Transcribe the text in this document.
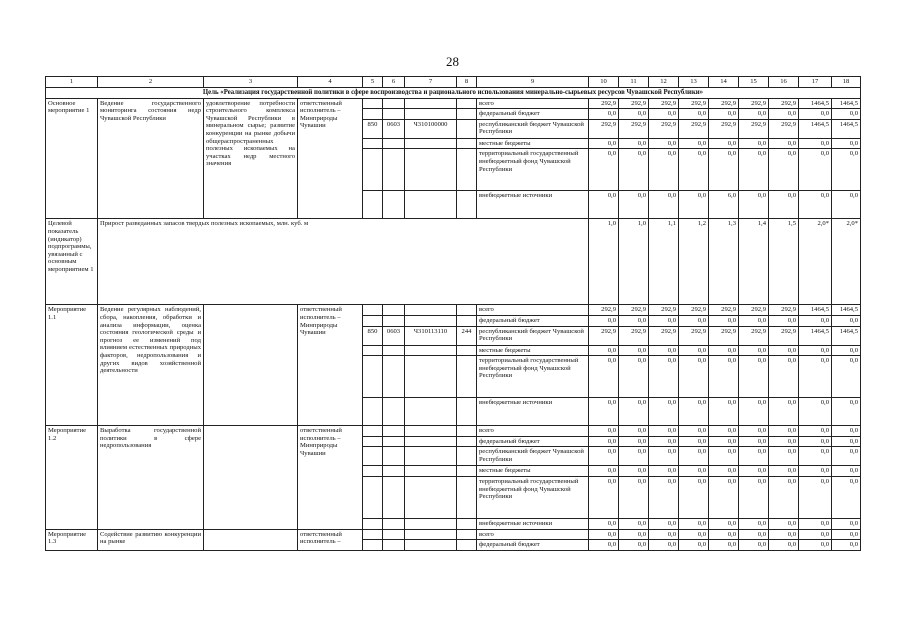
28
1	2	3	4	5	6	7	8	9	10	11	12	13	14	15	16	17	18
Цель «Реализация государственной политики в сфере воспроизводства и рационального использования минерально-сырьевых ресурсов Чувашской Республики»																	
Основное мероприятие 1	Ведение государственного мониторинга состояния недр Чувашской Республики	удовлетворение потребности строительного комплекса Чувашской Республики в минеральном сырье; развитие конкуренции на рынке добычи общераспространенных полезных ископаемых на участках недр местного значения	ответственный исполнитель – Минприроды Чувашии					всего	292,9	292,9	292,9	292,9	292,9	292,9	292,9	1464,5	1464,5
								федеральный бюджет	0,0	0,0	0,0	0,0	0,0	0,0	0,0	0,0	0,0
				850	0603	Ч310100000		республиканский бюджет Чувашской Республики	292,9	292,9	292,9	292,9	292,9	292,9	292,9	1464,5	1464,5
								местные бюджеты	0,0	0,0	0,0	0,0	0,0	0,0	0,0	0,0	0,0
								территориальный государственный внебюджетный фонд Чувашской Республики	0,0	0,0	0,0	0,0	0,0	0,0	0,0	0,0	0,0
								внебюджетные источники	0,0	0,0	0,0	0,0	6,0	0,0	0,0	0,0	0,0
Целевой показатель (индикатор) подпрограммы, увязанный с основным мероприятием 1	Прирост разведанных запасов твердых полезных ископаемых, млн. куб. м								1,0	1,0	1,1	1,2	1,3	1,4	1,5	2,0*	2,0*
Мероприятие 1.1	Ведение регулярных наблюдений, сбора, накопления, обработки и анализа информации, оценка состояния геологической среды и прогноз ее изменений под влиянием естественных природных факторов, недропользования и других видов хозяйственной деятельности		ответственный исполнитель – Минприроды Чувашии					всего	292,9	292,9	292,9	292,9	292,9	292,9	292,9	1464,5	1464,5
								федеральный бюджет	0,0	0,0	0,0	0,0	0,0	0,0	0,0	0,0	0,0
				850	0603	Ч310113110	244	республиканский бюджет Чувашской Республики	292,9	292,9	292,9	292,9	292,9	292,9	292,9	1464,5	1464,5
								местные бюджеты	0,0	0,0	0,0	0,0	0,0	0,0	0,0	0,0	0,0
								территориальный государственный внебюджетный фонд Чувашской Республики	0,0	0,0	0,0	0,0	0,0	0,0	0,0	0,0	0,0
								внебюджетные источники	0,0	0,0	0,0	0,0	0,0	0,0	0,0	0,0	0,0
Мероприятие 1.2	Выработка государственной политики в сфере недропользования		ответственный исполнитель – Минприроды Чувашии					всего	0,0	0,0	0,0	0,0	0,0	0,0	0,0	0,0	0,0
								федеральный бюджет	0,0	0,0	0,0	0,0	0,0	0,0	0,0	0,0	0,0
								республиканский бюджет Чувашской Республики	0,0	0,0	0,0	0,0	0,0	0,0	0,0	0,0	0,0
								местные бюджеты	0,0	0,0	0,0	0,0	0,0	0,0	0,0	0,0	0,0
								территориальный государственный внебюджетный фонд Чувашской Республики	0,0	0,0	0,0	0,0	0,0	0,0	0,0	0,0	0,0
								внебюджетные источники	0,0	0,0	0,0	0,0	0,0	0,0	0,0	0,0	0,0
Мероприятие 1.3	Содействие развитию конкуренции на рынке		ответственный исполнитель –					всего	0,0	0,0	0,0	0,0	0,0	0,0	0,0	0,0	0,0
								федеральный бюджет	0,0	0,0	0,0	0,0	0,0	0,0	0,0	0,0	0,0
